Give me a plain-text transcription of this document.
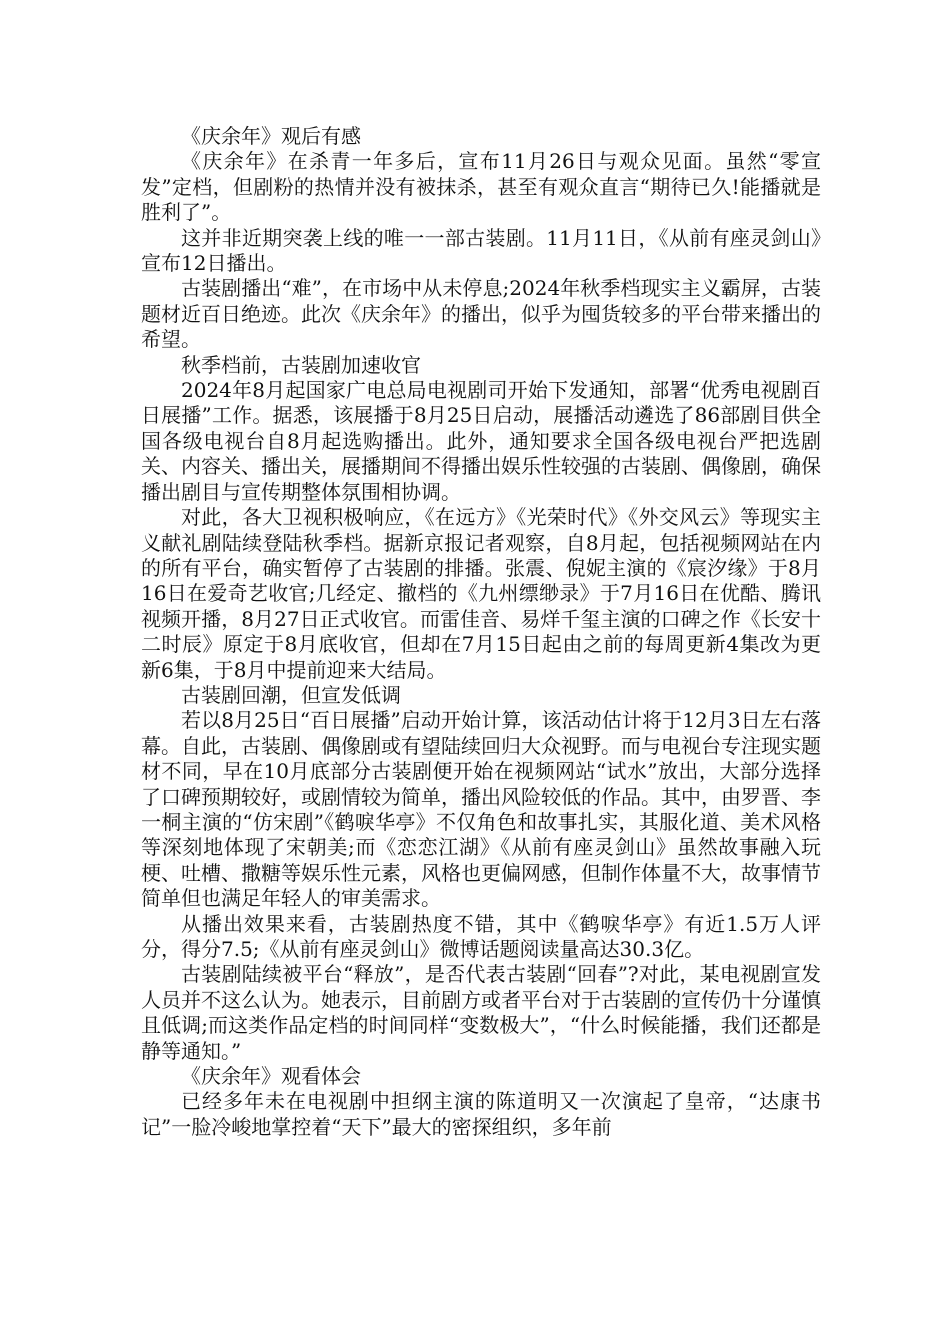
《庆余年》观后有感

《庆余年》在杀青一年多后，宣布11月26日与观众见面。虽然“零宣发”定档，但剧粉的热情并没有被抹杀，甚至有观众直言“期待已久!能播就是胜利了”。

这并非近期突袭上线的唯一一部古装剧。11月11日，《从前有座灵剑山》宣布12日播出。

古装剧播出“难”，在市场中从未停息;2024年秋季档现实主义霸屏，古装题材近百日绝迹。此次《庆余年》的播出，似乎为囤货较多的平台带来播出的希望。

秋季档前，古装剧加速收官

2024年8月起国家广电总局电视剧司开始下发通知，部署“优秀电视剧百日展播”工作。据悉，该展播于8月25日启动，展播活动遴选了86部剧目供全国各级电视台自8月起选购播出。此外，通知要求全国各级电视台严把选剧关、内容关、播出关，展播期间不得播出娱乐性较强的古装剧、偶像剧，确保播出剧目与宣传期整体氛围相协调。

对此，各大卫视积极响应，《在远方》《光荣时代》《外交风云》等现实主义献礼剧陆续登陆秋季档。据新京报记者观察，自8月起，包括视频网站在内的所有平台，确实暂停了古装剧的排播。张震、倪妮主演的《宸汐缘》于8月16日在爱奇艺收官;几经定、撤档的《九州缥缈录》于7月16日在优酷、腾讯视频开播，8月27日正式收官。而雷佳音、易烊千玺主演的口碑之作《长安十二时辰》原定于8月底收官，但却在7月15日起由之前的每周更新4集改为更新6集，于8月中提前迎来大结局。

古装剧回潮，但宣发低调

若以8月25日“百日展播”启动开始计算，该活动估计将于12月3日左右落幕。自此，古装剧、偶像剧或有望陆续回归大众视野。而与电视台专注现实题材不同，早在10月底部分古装剧便开始在视频网站“试水”放出，大部分选择了口碑预期较好，或剧情较为简单，播出风险较低的作品。其中，由罗晋、李一桐主演的“仿宋剧”《鹤唳华亭》不仅角色和故事扎实，其服化道、美术风格等深刻地体现了宋朝美;而《恋恋江湖》《从前有座灵剑山》虽然故事融入玩梗、吐槽、撒糖等娱乐性元素，风格也更偏网感，但制作体量不大，故事情节简单但也满足年轻人的审美需求。

从播出效果来看，古装剧热度不错，其中《鹤唳华亭》有近1.5万人评分，得分7.5;《从前有座灵剑山》微博话题阅读量高达30.3亿。

古装剧陆续被平台“释放”，是否代表古装剧“回春”?对此，某电视剧宣发人员并不这么认为。她表示，目前剧方或者平台对于古装剧的宣传仍十分谨慎且低调;而这类作品定档的时间同样“变数极大”，“什么时候能播，我们还都是静等通知。”

《庆余年》观看体会

已经多年未在电视剧中担纲主演的陈道明又一次演起了皇帝，“达康书记”一脸冷峻地掌控着“天下”最大的密探组织，多年前
